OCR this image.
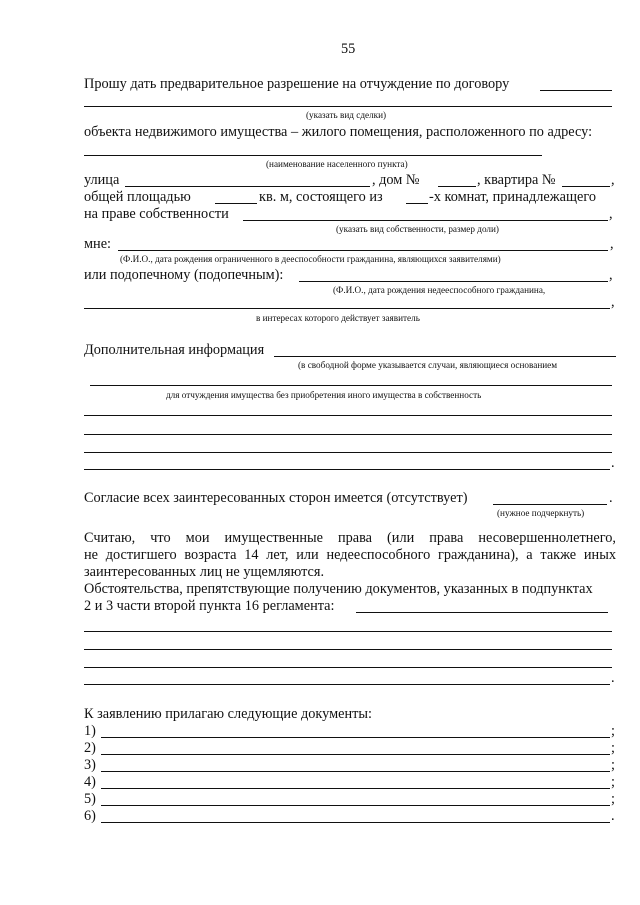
55
Прошу дать предварительное разрешение на отчуждение по договору
(указать вид сделки)
объекта недвижимого имущества – жилого помещения, расположенного по адресу:
(наименование населенного пункта)
улица	, дом №	, квартира №	,
общей площадью	кв. м, состоящего из	-х комнат, принадлежащего
на праве собственности	,
(указать вид собственности, размер доли)
мне:	,
(Ф.И.О., дата рождения ограниченного в дееспособности гражданина, являющихся заявителями)
или подопечному (подопечным):	,
(Ф.И.О., дата рождения недееспособного гражданина,
,
в интересах которого действует заявитель
Дополнительная информация
(в свободной форме указывается случаи, являющиеся основанием
для отчуждения имущества без приобретения иного имущества в собственность
.
Согласие всех заинтересованных сторон имеется (отсутствует)	.
(нужное подчеркнуть)
Считаю, что мои имущественные права (или права несовершеннолетнего,
не достигшего возраста 14 лет, или недееспособного гражданина), а также иных
заинтересованных лиц не ущемляются.
Обстоятельства, препятствующие получению документов, указанных в подпунктах
2 и 3 части второй пункта 16 регламента:
.
К заявлению прилагаю следующие документы:
1)	;
2)	;
3)	;
4)	;
5)	;
6)	.
